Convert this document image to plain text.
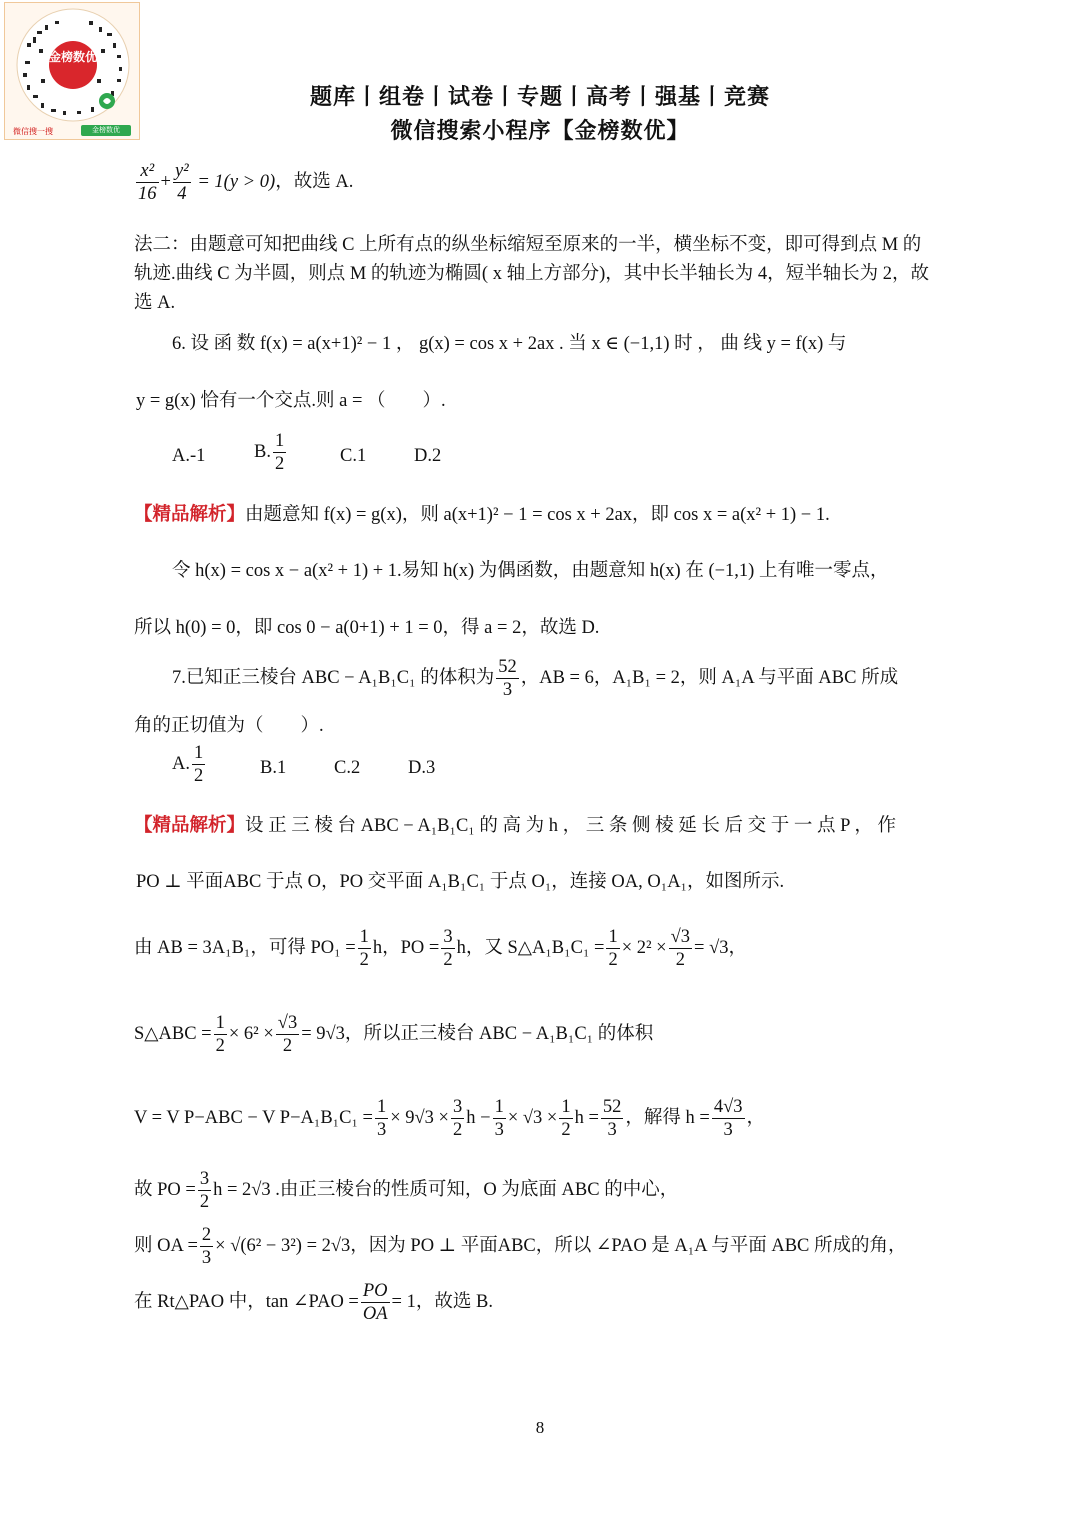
金榜数优
微信搜一搜	金榜数优
题库丨组卷丨试卷丨专题丨高考丨强基丨竞赛
微信搜索小程序【金榜数优】
$\frac{\text{x²}}{16} + \frac{\text{y²}}{4} = 1(y > 0)$，故选 A.
法二：由题意可知把曲线 C 上所有点的纵坐标缩短至原来的一半，横坐标不变，即可得到点 M 的
轨迹.曲线 C 为半圆，则点 M 的轨迹为椭圆( x 轴上方部分)，其中长半轴长为 4，短半轴长为 2，故
选 A.
6. 设 函 数 f(x) = a(x+1)² − 1 ， g(x) = cos x + 2ax . 当 x ∈ (−1,1) 时 ， 曲 线 y = f(x) 与
y = g(x) 恰有一个交点.则 a = （　　）.
A.-1	B. $\frac{1}{2}$	C.1	D.2
【精品解析】由题意知 f(x) = g(x)，则 a(x+1)² − 1 = cos x + 2ax，即 cos x = a(x² + 1) − 1.
令 h(x) = cos x − a(x² + 1) + 1.易知 h(x) 为偶函数，由题意知 h(x) 在 (−1,1) 上有唯一零点，
所以 h(0) = 0，即 cos 0 − a(0+1) + 1 = 0，得 a = 2，故选 D.
7.已知正三棱台 ABC − A₁B₁C₁ 的体积为 $\frac{52}{3}$ ，AB = 6，A₁B₁ = 2，则 A₁A 与平面 ABC 所成
角的正切值为（　　）.
A. $\frac{1}{2}$	B.1	C.2	D.3
【精品解析】设 正 三 棱 台 ABC − A₁B₁C₁ 的 高 为 h ， 三 条 侧 棱 延 长 后 交 于 一 点 P ， 作
PO ⊥ 平面ABC 于点 O，PO 交平面 A₁B₁C₁ 于点 O₁，连接 OA, O₁A₁，如图所示.
由 AB = 3A₁B₁，可得 $PO_1 = \frac{1}{2}$ h，PO = $\frac{3}{2}$ h，又 S△A₁B₁C₁ = $\frac{1}{2} \times 2^2 \times \frac{√3}{2} = √3$，
S△ABC = $\frac{1}{2} \times 6^2 \times \frac{√3}{2} = 9√3$，所以正三棱台 ABC − A₁B₁C₁ 的体积
V = V P−ABC − V $P-A_1B_1C_1 = \frac{1}{3} \times 9√3 \times \frac{3}{2}$ $h - \frac{1}{3} \times √3 \times \frac{1}{2}$ $h = \frac{52}{3}$ ，解得 $h = \frac{4√3}{3}$ ，
故 PO = $\frac{3}{2}$ h = 2√3 .由正三棱台的性质可知，O 为底面 ABC 的中心，
则 OA = $\frac{2}{3} \times √(6^2 - 3^2) = 2√3$，因为 PO ⊥ 平面ABC，所以 ∠PAO 是 A₁A 与平面 ABC 所成的角，
在 Rt△PAO 中，tan ∠PAO = $\frac{PO}{OA} = 1$，故选 B.
8
